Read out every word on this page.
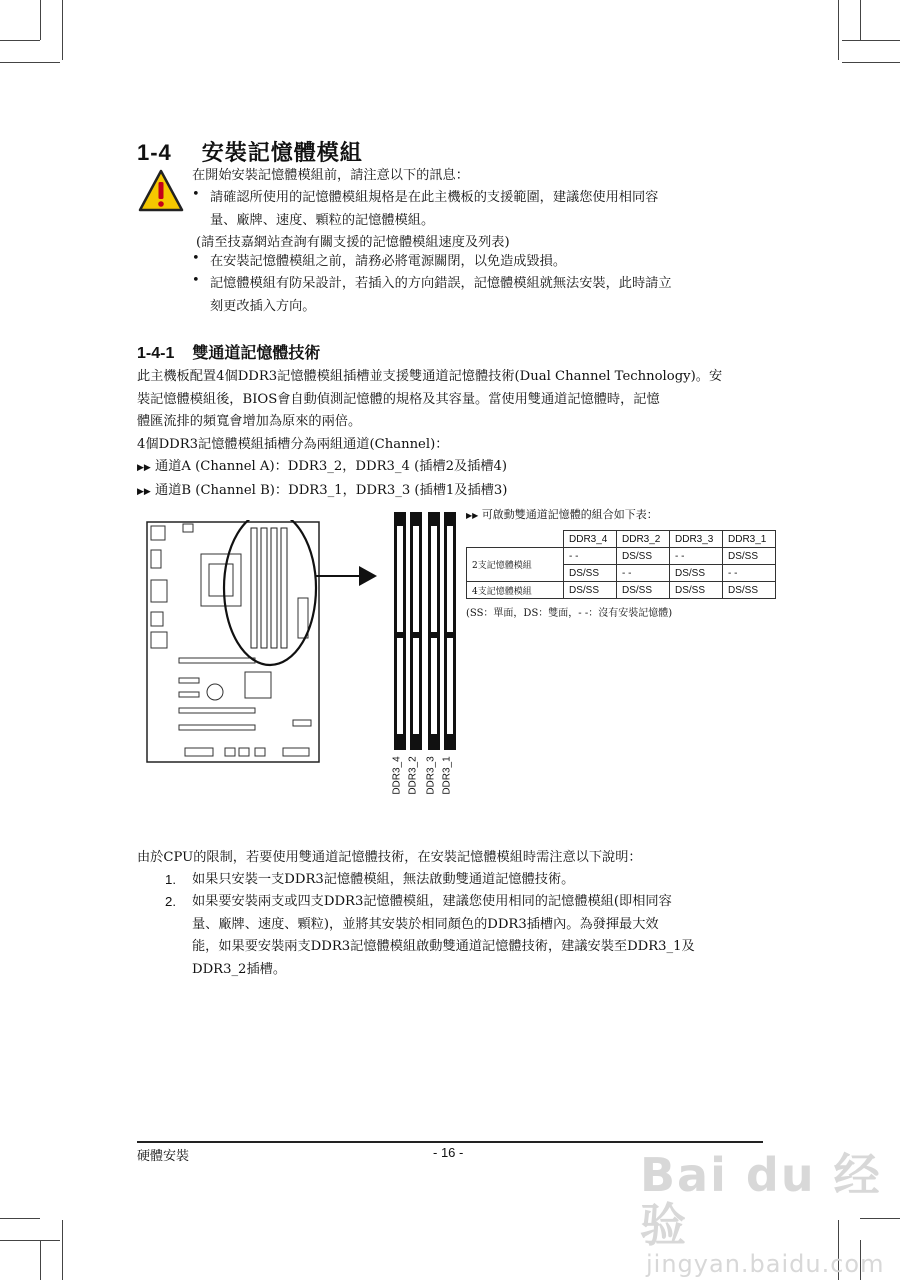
1-4 安裝記憶體模組
在開始安裝記憶體模組前，請注意以下的訊息：
• 請確認所使用的記憶體模組規格是在此主機板的支援範圍，建議您使用相同容
量、廠牌、速度、顆粒的記憶體模組。
(請至技嘉網站查詢有關支援的記憶體模組速度及列表)
• 在安裝記憶體模組之前，請務必將電源關閉，以免造成毀損。
• 記憶體模組有防呆設計，若插入的方向錯誤，記憶體模組就無法安裝，此時請立
刻更改插入方向。
1-4-1 雙通道記憶體技術
此主機板配置4個DDR3記憶體模組插槽並支援雙通道記憶體技術(Dual Channel Technology)。安
裝記憶體模組後，BIOS會自動偵測記憶體的規格及其容量。當使用雙通道記憶體時，記憶
體匯流排的頻寬會增加為原來的兩倍。
4個DDR3記憶體模組插槽分為兩組通道(Channel)：
▶▶ 通道A (Channel A)：DDR3_2，DDR3_4 (插槽2及插槽4)
▶▶ 通道B (Channel B)：DDR3_1，DDR3_3 (插槽1及插槽3)
DDR3_4 DDR3_2 DDR3_3 DDR3_1
▶▶ 可啟動雙通道記憶體的組合如下表：
	DDR3_4	DDR3_2	DDR3_3	DDR3_1
2支記憶體模組	- -	DS/SS	- -	DS/SS
	DS/SS	- -	DS/SS	- -
4支記憶體模組	DS/SS	DS/SS	DS/SS	DS/SS
(SS：單面，DS：雙面，- -：沒有安裝記憶體)
由於CPU的限制，若要使用雙通道記憶體技術，在安裝記憶體模組時需注意以下說明：
1. 如果只安裝一支DDR3記憶體模組，無法啟動雙通道記憶體技術。
2. 如果要安裝兩支或四支DDR3記憶體模組，建議您使用相同的記憶體模組(即相同容
量、廠牌、速度、顆粒)，並將其安裝於相同顏色的DDR3插槽內。為發揮最大效
能，如果要安裝兩支DDR3記憶體模組啟動雙通道記憶體技術，建議安裝至DDR3_1及
DDR3_2插槽。
硬體安裝	- 16 -	Bai du 经验
jingyan.baidu.com
